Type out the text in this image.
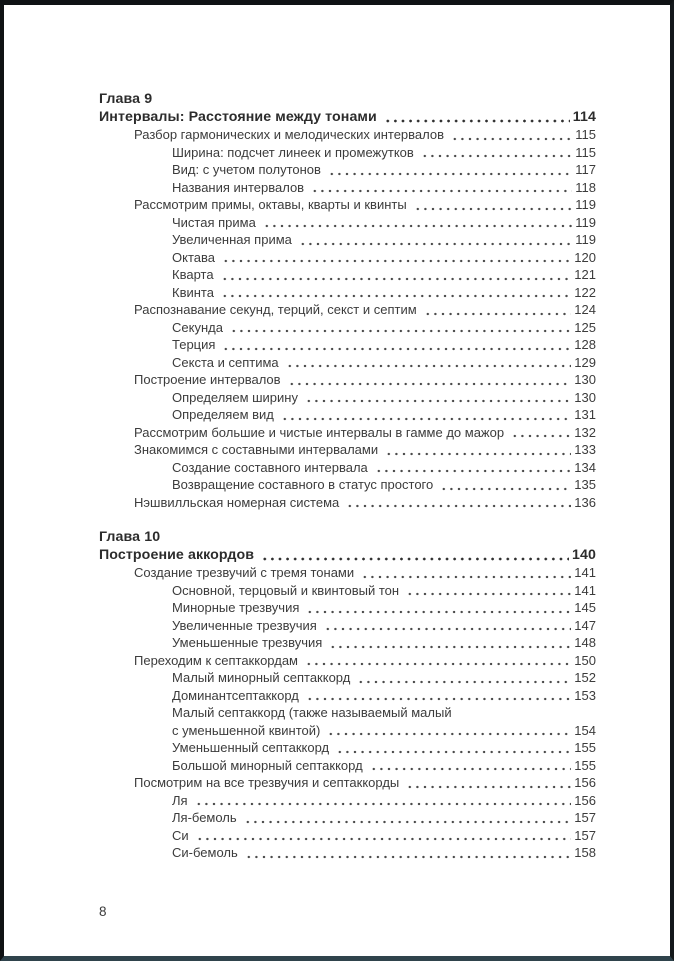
Глава 9
Интервалы: Расстояние между тонами	114
Разбор гармонических и мелодических интервалов	115
Ширина: подсчет линеек и промежутков	115
Вид: с учетом полутонов	117
Названия интервалов	118
Рассмотрим примы, октавы, кварты и квинты	119
Чистая прима	119
Увеличенная прима	119
Октава	120
Кварта	121
Квинта	122
Распознавание секунд, терций, секст и септим	124
Секунда	125
Терция	128
Секста и септима	129
Построение интервалов	130
Определяем ширину	130
Определяем вид	131
Рассмотрим большие и чистые интервалы в гамме до мажор	132
Знакомимся с составными интервалами	133
Создание составного интервала	134
Возвращение составного в статус простого	135
Нэшвилльская номерная система	136
Глава 10
Построение аккордов	140
Создание трезвучий с тремя тонами	141
Основной, терцовый и квинтовый тон	141
Минорные трезвучия	145
Увеличенные трезвучия	147
Уменьшенные трезвучия	148
Переходим к септаккордам	150
Малый минорный септаккорд	152
Доминантсептаккорд	153
Малый септаккорд (также называемый малый
с уменьшенной квинтой)	154
Уменьшенный септаккорд	155
Большой минорный септаккорд	155
Посмотрим на все трезвучия и септаккорды	156
Ля	156
Ля-бемоль	157
Си	157
Си-бемоль	158
8
